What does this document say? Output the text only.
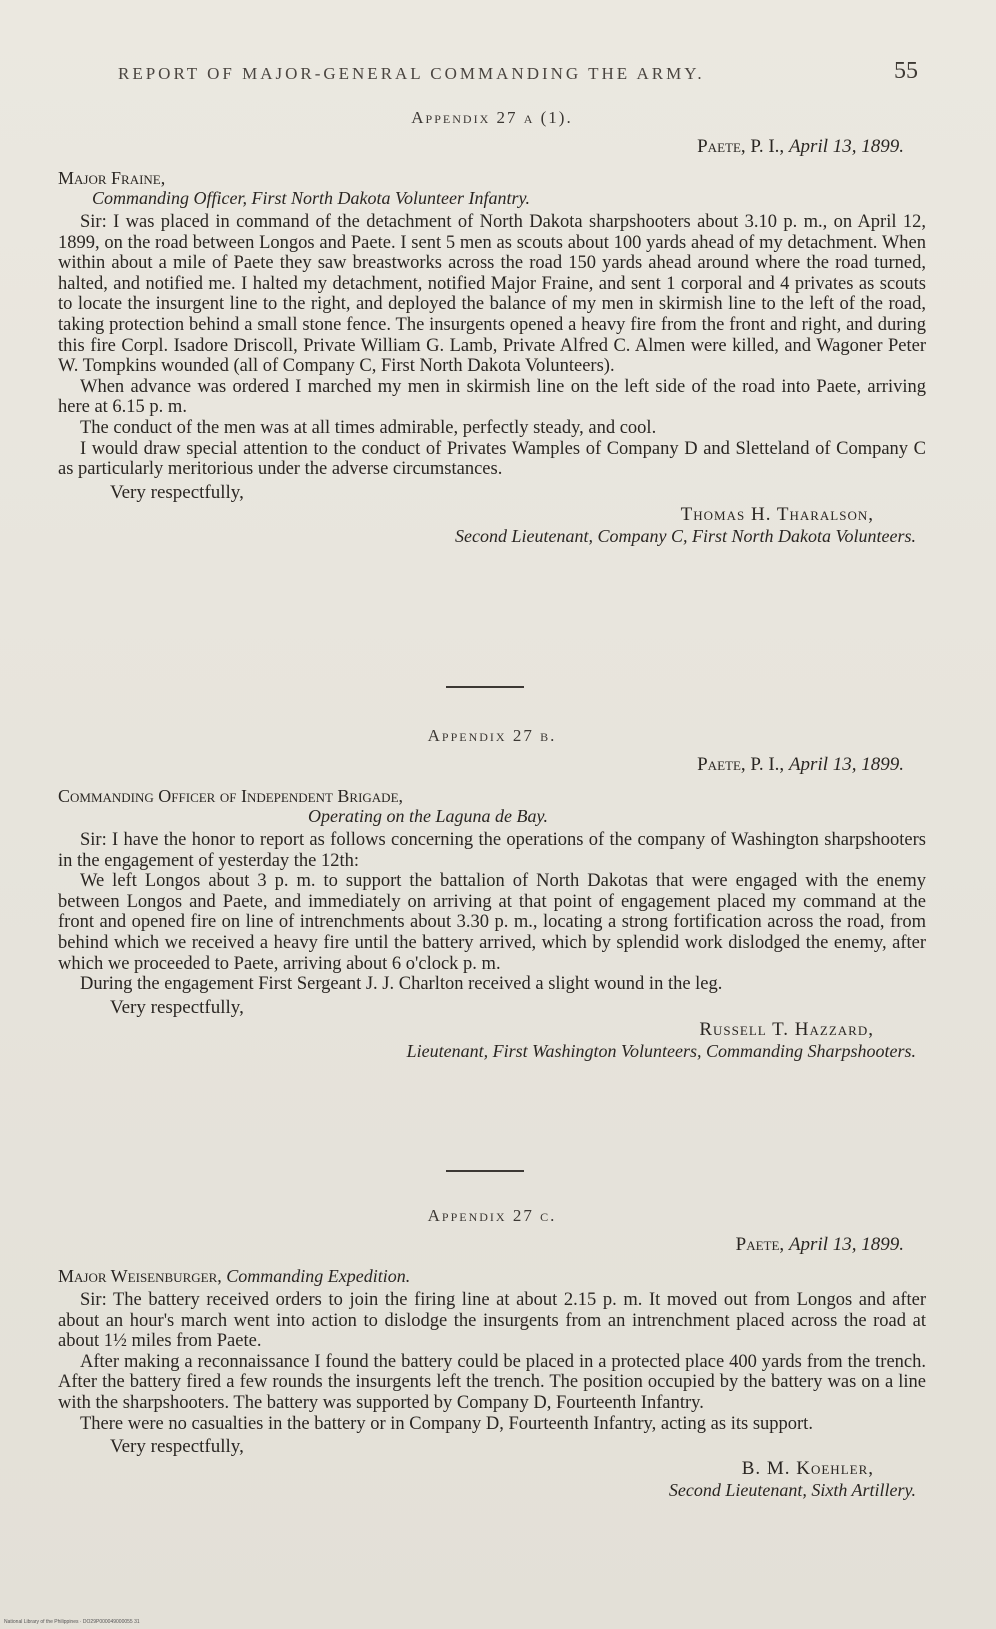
REPORT OF MAJOR-GENERAL COMMANDING THE ARMY.	55

Appendix 27 a (1).

Paete, P. I., April 13, 1899.
Major Fraine,
Commanding Officer, First North Dakota Volunteer Infantry.

Sir: I was placed in command of the detachment of North Dakota sharpshooters about 3.10 p. m., on April 12, 1899, on the road between Longos and Paete. I sent 5 men as scouts about 100 yards ahead of my detachment. When within about a mile of Paete they saw breastworks across the road 150 yards ahead around where the road turned, halted, and notified me. I halted my detachment, notified Major Fraine, and sent 1 corporal and 4 privates as scouts to locate the insurgent line to the right, and deployed the balance of my men in skirmish line to the left of the road, taking protection behind a small stone fence. The insurgents opened a heavy fire from the front and right, and during this fire Corpl. Isadore Driscoll, Private William G. Lamb, Private Alfred C. Almen were killed, and Wagoner Peter W. Tompkins wounded (all of Company C, First North Dakota Volunteers).

When advance was ordered I marched my men in skirmish line on the left side of the road into Paete, arriving here at 6.15 p. m.

The conduct of the men was at all times admirable, perfectly steady, and cool.

I would draw special attention to the conduct of Privates Wamples of Company D and Sletteland of Company C as particularly meritorious under the adverse circumstances.

Very respectfully,
Thomas H. Tharalson,
Second Lieutenant, Company C, First North Dakota Volunteers.

Appendix 27 b.

Paete, P. I., April 13, 1899.
Commanding Officer of Independent Brigade,
Operating on the Laguna de Bay.

Sir: I have the honor to report as follows concerning the operations of the company of Washington sharpshooters in the engagement of yesterday the 12th:

We left Longos about 3 p. m. to support the battalion of North Dakotas that were engaged with the enemy between Longos and Paete, and immediately on arriving at that point of engagement placed my command at the front and opened fire on line of intrenchments about 3.30 p. m., locating a strong fortification across the road, from behind which we received a heavy fire until the battery arrived, which by splendid work dislodged the enemy, after which we proceeded to Paete, arriving about 6 o'clock p. m.

During the engagement First Sergeant J. J. Charlton received a slight wound in the leg.

Very respectfully,
Russell T. Hazzard,
Lieutenant, First Washington Volunteers, Commanding Sharpshooters.

Appendix 27 c.

Paete, April 13, 1899.
Major Weisenburger, Commanding Expedition.

Sir: The battery received orders to join the firing line at about 2.15 p. m. It moved out from Longos and after about an hour's march went into action to dislodge the insurgents from an intrenchment placed across the road at about 1½ miles from Paete.

After making a reconnaissance I found the battery could be placed in a protected place 400 yards from the trench. After the battery fired a few rounds the insurgents left the trench. The position occupied by the battery was on a line with the sharpshooters. The battery was supported by Company D, Fourteenth Infantry.

There were no casualties in the battery or in Company D, Fourteenth Infantry, acting as its support.

Very respectfully,
B. M. Koehler,
Second Lieutenant, Sixth Artillery.
National Library of the Philippines · DO29P000049000055 31
